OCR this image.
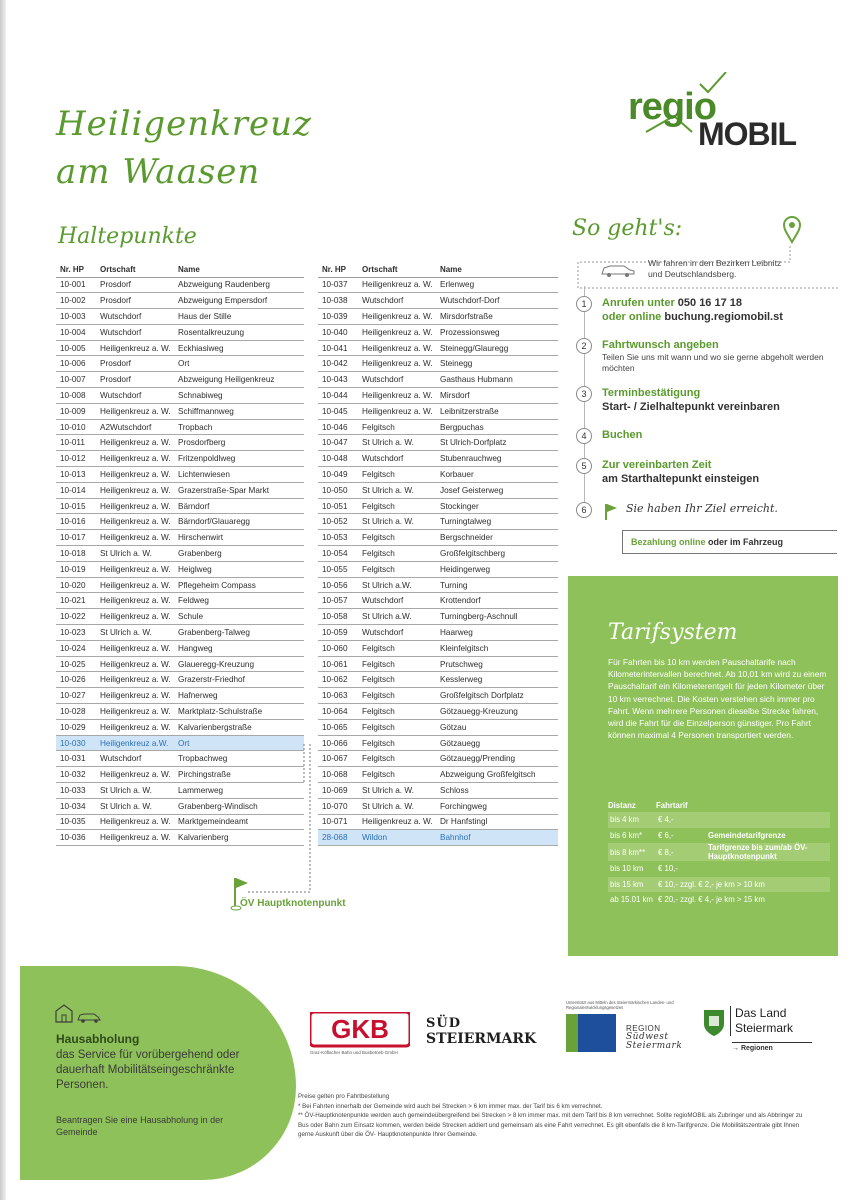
Heiligenkreuz
am Waasen
regio
MOBIL
Haltepunkte
Nr. HP	Ortschaft	Name
10-001	Prosdorf	Abzweigung Raudenberg
10-002	Prosdorf	Abzweigung Empersdorf
10-003	Wutschdorf	Haus der Stille
10-004	Wutschdorf	Rosentalkreuzung
10-005	Heiligenkreuz a. W.	Eckhiasiweg
10-006	Prosdorf	Ort
10-007	Prosdorf	Abzweigung Heiligenkreuz
10-008	Wutschdorf	Schnabiweg
10-009	Heiligenkreuz a. W.	Schiffmannweg
10-010	A2Wutschdorf	Tropbach
10-011	Heiligenkreuz a. W.	Prosdorfberg
10-012	Heiligenkreuz a. W.	Fritzenpoldlweg
10-013	Heiligenkreuz a. W.	Lichtenwiesen
10-014	Heiligenkreuz a. W.	Grazerstraße-Spar Markt
10-015	Heiligenkreuz a. W.	Bärndorf
10-016	Heiligenkreuz a. W.	Bärndorf/Glauaregg
10-017	Heiligenkreuz a. W.	Hirschenwirt
10-018	St Ulrich a. W.	Grabenberg
10-019	Heiligenkreuz a. W.	Heiglweg
10-020	Heiligenkreuz a. W.	Pflegeheim Compass
10-021	Heiligenkreuz a. W.	Feldweg
10-022	Heiligenkreuz a. W.	Schule
10-023	St Ulrich a. W.	Grabenberg-Talweg
10-024	Heiligenkreuz a. W.	Hangweg
10-025	Heiligenkreuz a. W.	Glaueregg-Kreuzung
10-026	Heiligenkreuz a. W.	Grazerstr-Friedhof
10-027	Heiligenkreuz a. W.	Hafnerweg
10-028	Heiligenkreuz a. W.	Marktplatz-Schulstraße
10-029	Heiligenkreuz a. W.	Kalvarienbergstraße
10-030	Heiligenkreuz a.W.	Ort
10-031	Wutschdorf	Tropbachweg
10-032	Heiligenkreuz a. W.	Pirchingstraße
10-033	St Ulrich a. W.	Lammerweg
10-034	St Ulrich a. W.	Grabenberg-Windisch
10-035	Heiligenkreuz a. W.	Marktgemeindeamt
10-036	Heiligenkreuz a. W.	Kalvarienberg
Nr. HP	Ortschaft	Name
10-037	Heiligenkreuz a. W.	Erlenweg
10-038	Wutschdorf	Wutschdorf-Dorf
10-039	Heiligenkreuz a. W.	Mirsdorfstraße
10-040	Heiligenkreuz a. W.	Prozessionsweg
10-041	Heiligenkreuz a. W.	Steinegg/Glauregg
10-042	Heiligenkreuz a. W.	Steinegg
10-043	Wutschdorf	Gasthaus Hubmann
10-044	Heiligenkreuz a. W.	Mirsdorf
10-045	Heiligenkreuz a. W.	Leibnitzerstraße
10-046	Felgitsch	Bergpuchas
10-047	St Ulrich a. W.	St Ulrich-Dorfplatz
10-048	Wutschdorf	Stubenrauchweg
10-049	Felgitsch	Korbauer
10-050	St Ulrich a. W.	Josef Geisterweg
10-051	Felgitsch	Stockinger
10-052	St Ulrich a. W.	Turningtalweg
10-053	Felgitsch	Bergschneider
10-054	Felgitsch	Großfelgitschberg
10-055	Felgitsch	Heidingerweg
10-056	St Ulrich a.W.	Turning
10-057	Wutschdorf	Krottendorf
10-058	St Ulrich a.W.	Turningberg-Aschnull
10-059	Wutschdorf	Haarweg
10-060	Felgitsch	Kleinfelgitsch
10-061	Felgitsch	Prutschweg
10-062	Felgitsch	Kesslerweg
10-063	Felgitsch	Großfelgitsch Dorfplatz
10-064	Felgitsch	Götzauegg-Kreuzung
10-065	Felgitsch	Götzau
10-066	Felgitsch	Götzauegg
10-067	Felgitsch	Götzauegg/Prending
10-068	Felgitsch	Abzweigung Großfelgitsch
10-069	St Ulrich a. W.	Schloss
10-070	St Ulrich a. W.	Forchingweg
10-071	Heiligenkreuz a. W.	Dr Hanfstingl
28-068	Wildon	Bahnhof
ÖV Hauptknotenpunkt
So geht's:
Wir fahren in den Bezirken Leibnitz und Deutschlandsberg.
1	Anrufen unter 050 16 17 18
oder online buchung.regiomobil.st
2	Fahrtwunsch angeben
Teilen Sie uns mit wann und wo sie gerne abgeholt werden möchten
3	Terminbestätigung
Start- / Zielhaltepunkt vereinbaren
4	Buchen
5	Zur vereinbarten Zeit
am Starthaltepunkt einsteigen
6	Sie haben Ihr Ziel erreicht.
Bezahlung online oder im Fahrzeug
Tarifsystem

Für Fahrten bis 10 km werden Pauschaltarife nach Kilometerintervallen berechnet. Ab 10,01 km wird zu einem Pauschaltarif ein Kilometerentgelt für jeden Kilometer über 10 km verrechnet. Die Kosten verstehen sich immer pro Fahrt. Wenn mehrere Personen dieselbe Strecke fahren, wird die Fahrt für die Einzelperson günstiger. Pro Fahrt können maximal 4 Personen transportiert werden.

Distanz	Fahrtarif	
bis 4 km	€ 4,-	
bis 6 km*	€ 6,-	Gemeindetarifgrenze
bis 8 km**	€ 8,-	Tarifgrenze bis zum/ab ÖV-Hauptknotenpunkt
bis 10 km	€ 10,-	
bis 15 km	€ 10,- zzgl. € 2,- je km > 10 km	
ab 15.01 km	€ 20,- zzgl. € 4,- je km > 15 km	
Hausabholung
das Service für vorübergehend oder dauerhaft Mobilitätseingeschränkte Personen.
Beantragen Sie eine Hausabholung in der Gemeinde
GKB
Graz-Köflacher Bahn und Busbetrieb GmbH
SÜD
STEIERMARK
Unterstützt aus Mitteln des Steiermärkischen Landes- und Regionalentwicklungsgesetzes
REGION
Südwest
Steiermark
Das Land
Steiermark
→ Regionen
Preise gelten pro Fahrtbestellung
* Bei Fahrten innerhalb der Gemeinde wird auch bei Strecken > 6 km immer max. der Tarif bis 6 km verrechnet.
** ÖV-Hauptknotenpunkte werden auch gemeindeübergreifend bei Strecken > 8 km immer max. mit dem Tarif bis 8 km verrechnet. Sollte regioMOBIL als Zubringer und als Abbringer zu Bus oder Bahn zum Einsatz kommen, werden beide Strecken addiert und gemeinsam als eine Fahrt verrechnet. Es gilt ebenfalls die 8 km-Tarifgrenze. Die Mobilitätszentrale gibt Ihnen gerne Auskunft über die ÖV- Hauptknotenpunkte Ihrer Gemeinde.
